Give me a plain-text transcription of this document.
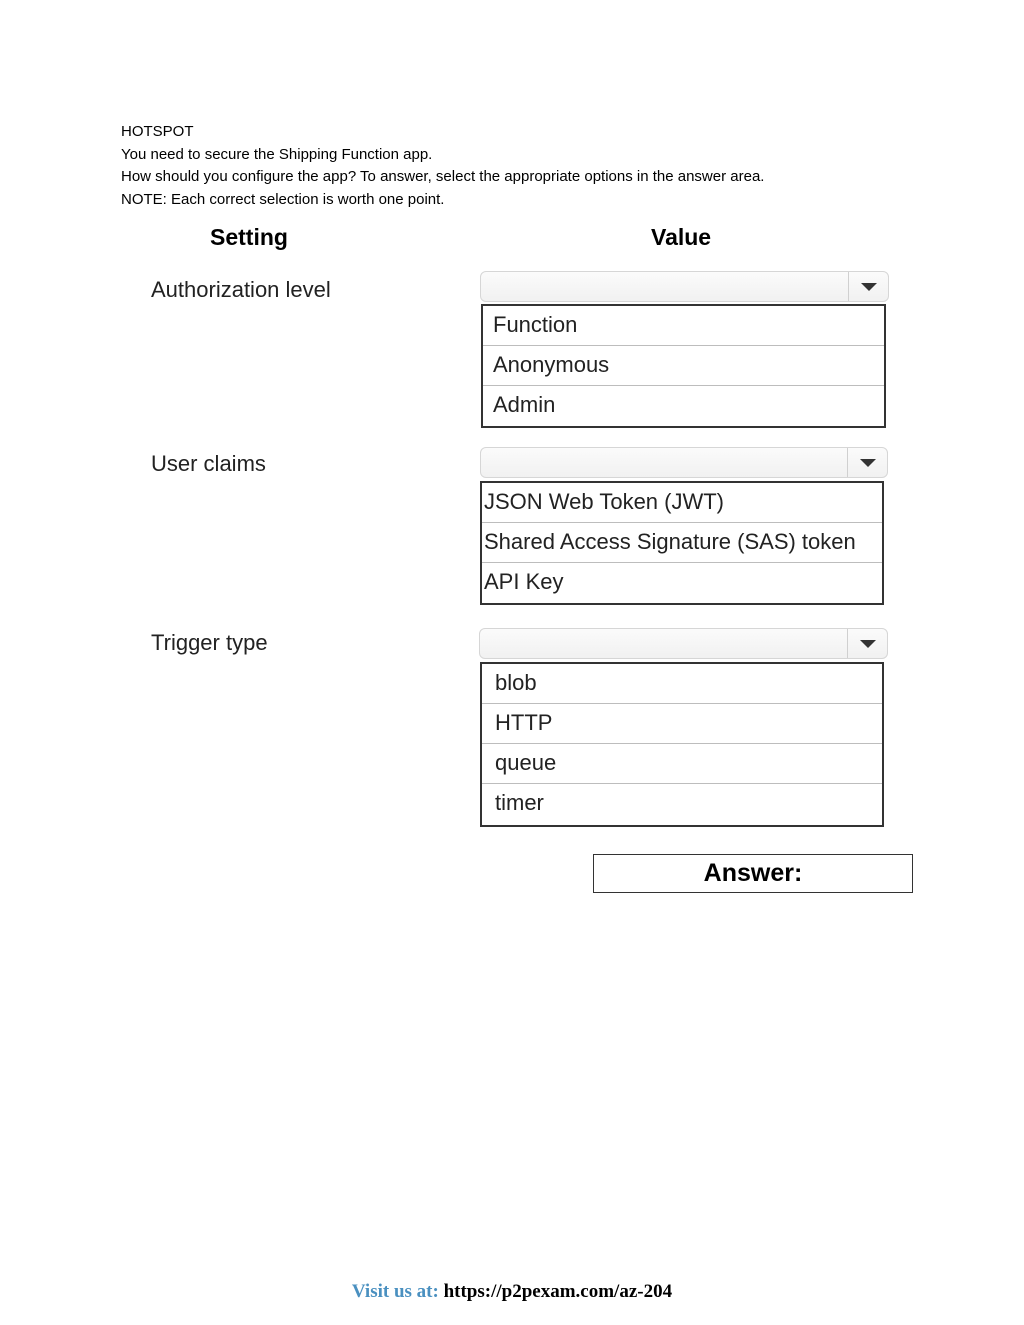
HOTSPOT
You need to secure the Shipping Function app.
How should you configure the app? To answer, select the appropriate options in the answer area.
NOTE: Each correct selection is worth one point.
Setting	Value
Authorization level
Function
Anonymous
Admin
User claims
JSON Web Token (JWT)
Shared Access Signature (SAS) token
API Key
Trigger type
blob
HTTP
queue
timer
Answer:
Visit us at: https://p2pexam.com/az-204
